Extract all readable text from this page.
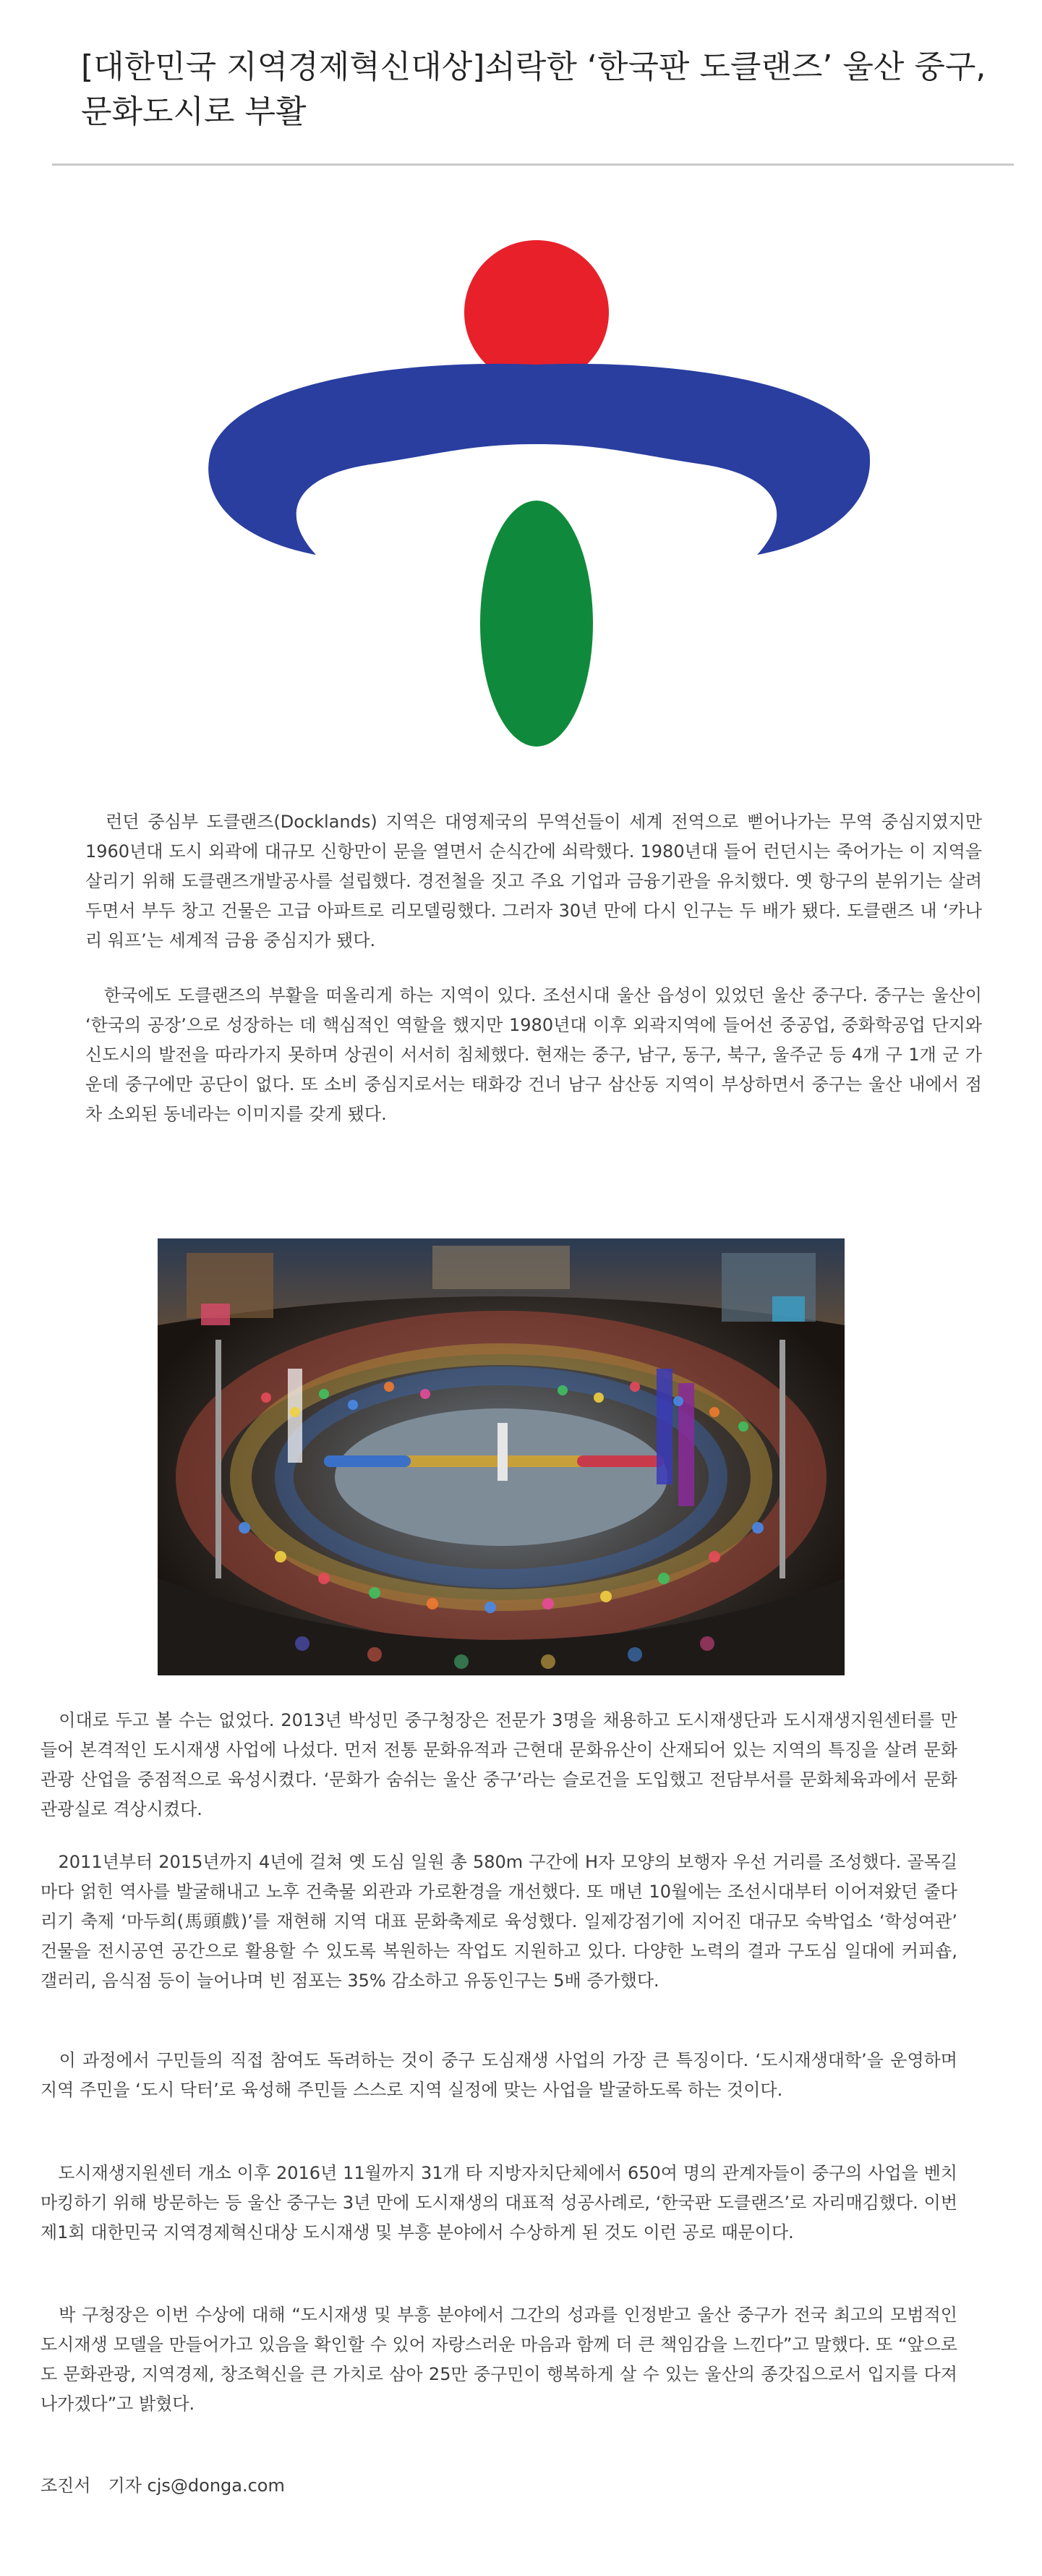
[대한민국 지역경제혁신대상]쇠락한 ‘한국판 도클랜즈’ 울산 중구, 문화도시로 부활

　런던 중심부 도클랜즈(Docklands) 지역은 대영제국의 무역선들이 세계 전역으로 뻗어나가는 무역 중심지였지만 1960년대 도시 외곽에 대규모 신항만이 문을 열면서 순식간에 쇠락했다. 1980년대 들어 런던시는 죽어가는 이 지역을 살리기 위해 도클랜즈개발공사를 설립했다. 경전철을 짓고 주요 기업과 금융기관을 유치했다. 옛 항구의 분위기는 살려두면서 부두 창고 건물은 고급 아파트로 리모델링했다. 그러자 30년 만에 다시 인구는 두 배가 됐다. 도클랜즈 내 ‘카나리 워프’는 세계적 금융 중심지가 됐다.

　한국에도 도클랜즈의 부활을 떠올리게 하는 지역이 있다. 조선시대 울산 읍성이 있었던 울산 중구다. 중구는 울산이 ‘한국의 공장’으로 성장하는 데 핵심적인 역할을 했지만 1980년대 이후 외곽지역에 들어선 중공업, 중화학공업 단지와 신도시의 발전을 따라가지 못하며 상권이 서서히 침체했다. 현재는 중구, 남구, 동구, 북구, 울주군 등 4개 구 1개 군 가운데 중구에만 공단이 없다. 또 소비 중심지로서는 태화강 건너 남구 삼산동 지역이 부상하면서 중구는 울산 내에서 점차 소외된 동네라는 이미지를 갖게 됐다.

　이대로 두고 볼 수는 없었다. 2013년 박성민 중구청장은 전문가 3명을 채용하고 도시재생단과 도시재생지원센터를 만들어 본격적인 도시재생 사업에 나섰다. 먼저 전통 문화유적과 근현대 문화유산이 산재되어 있는 지역의 특징을 살려 문화관광 산업을 중점적으로 육성시켰다. ‘문화가 숨쉬는 울산 중구’라는 슬로건을 도입했고 전담부서를 문화체육과에서 문화관광실로 격상시켰다.

　2011년부터 2015년까지 4년에 걸쳐 옛 도심 일원 총 580m 구간에 H자 모양의 보행자 우선 거리를 조성했다. 골목길마다 얽힌 역사를 발굴해내고 노후 건축물 외관과 가로환경을 개선했다. 또 매년 10월에는 조선시대부터 이어져왔던 줄다리기 축제 ‘마두희(馬頭戲)’를 재현해 지역 대표 문화축제로 육성했다. 일제강점기에 지어진 대규모 숙박업소 ‘학성여관’ 건물을 전시공연 공간으로 활용할 수 있도록 복원하는 작업도 지원하고 있다. 다양한 노력의 결과 구도심 일대에 커피숍, 갤러리, 음식점 등이 늘어나며 빈 점포는 35% 감소하고 유동인구는 5배 증가했다.

　이 과정에서 구민들의 직접 참여도 독려하는 것이 중구 도심재생 사업의 가장 큰 특징이다. ‘도시재생대학’을 운영하며 지역 주민을 ‘도시 닥터’로 육성해 주민들 스스로 지역 실정에 맞는 사업을 발굴하도록 하는 것이다.

　도시재생지원센터 개소 이후 2016년 11월까지 31개 타 지방자치단체에서 650여 명의 관계자들이 중구의 사업을 벤치마킹하기 위해 방문하는 등 울산 중구는 3년 만에 도시재생의 대표적 성공사례로, ‘한국판 도클랜즈’로 자리매김했다. 이번 제1회 대한민국 지역경제혁신대상 도시재생 및 부흥 분야에서 수상하게 된 것도 이런 공로 때문이다.

　박 구청장은 이번 수상에 대해 “도시재생 및 부흥 분야에서 그간의 성과를 인정받고 울산 중구가 전국 최고의 모범적인 도시재생 모델을 만들어가고 있음을 확인할 수 있어 자랑스러운 마음과 함께 더 큰 책임감을 느낀다”고 말했다. 또 “앞으로도 문화관광, 지역경제, 창조혁신을 큰 가치로 삼아 25만 중구민이 행복하게 살 수 있는 울산의 종갓집으로서 입지를 다져나가겠다”고 밝혔다.

조진서　기자 cjs@donga.com
